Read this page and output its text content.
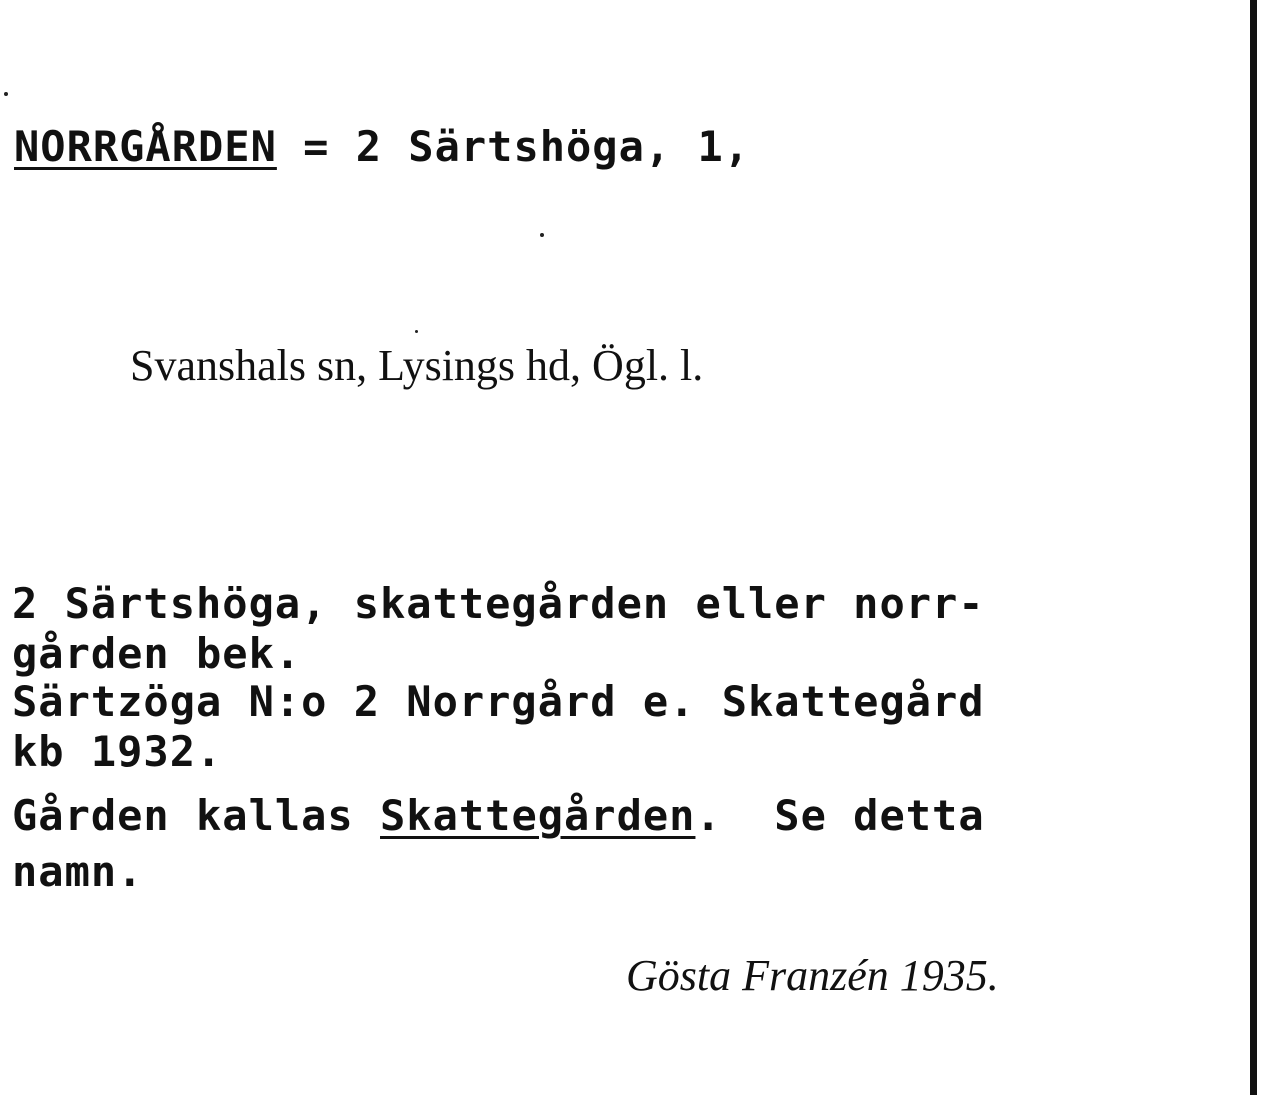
NORRGÅRDEN = 2 Särtshöga, 1,
Svanshals sn, Lysings hd, Ögl. l.
2 Särtshöga, skattegården eller norr-
gården bek.
Särtzöga N:o 2 Norrgård e. Skattegård
kb 1932.
Gården kallas Skattegården.  Se detta
namn.
Gösta Franzén 1935.
